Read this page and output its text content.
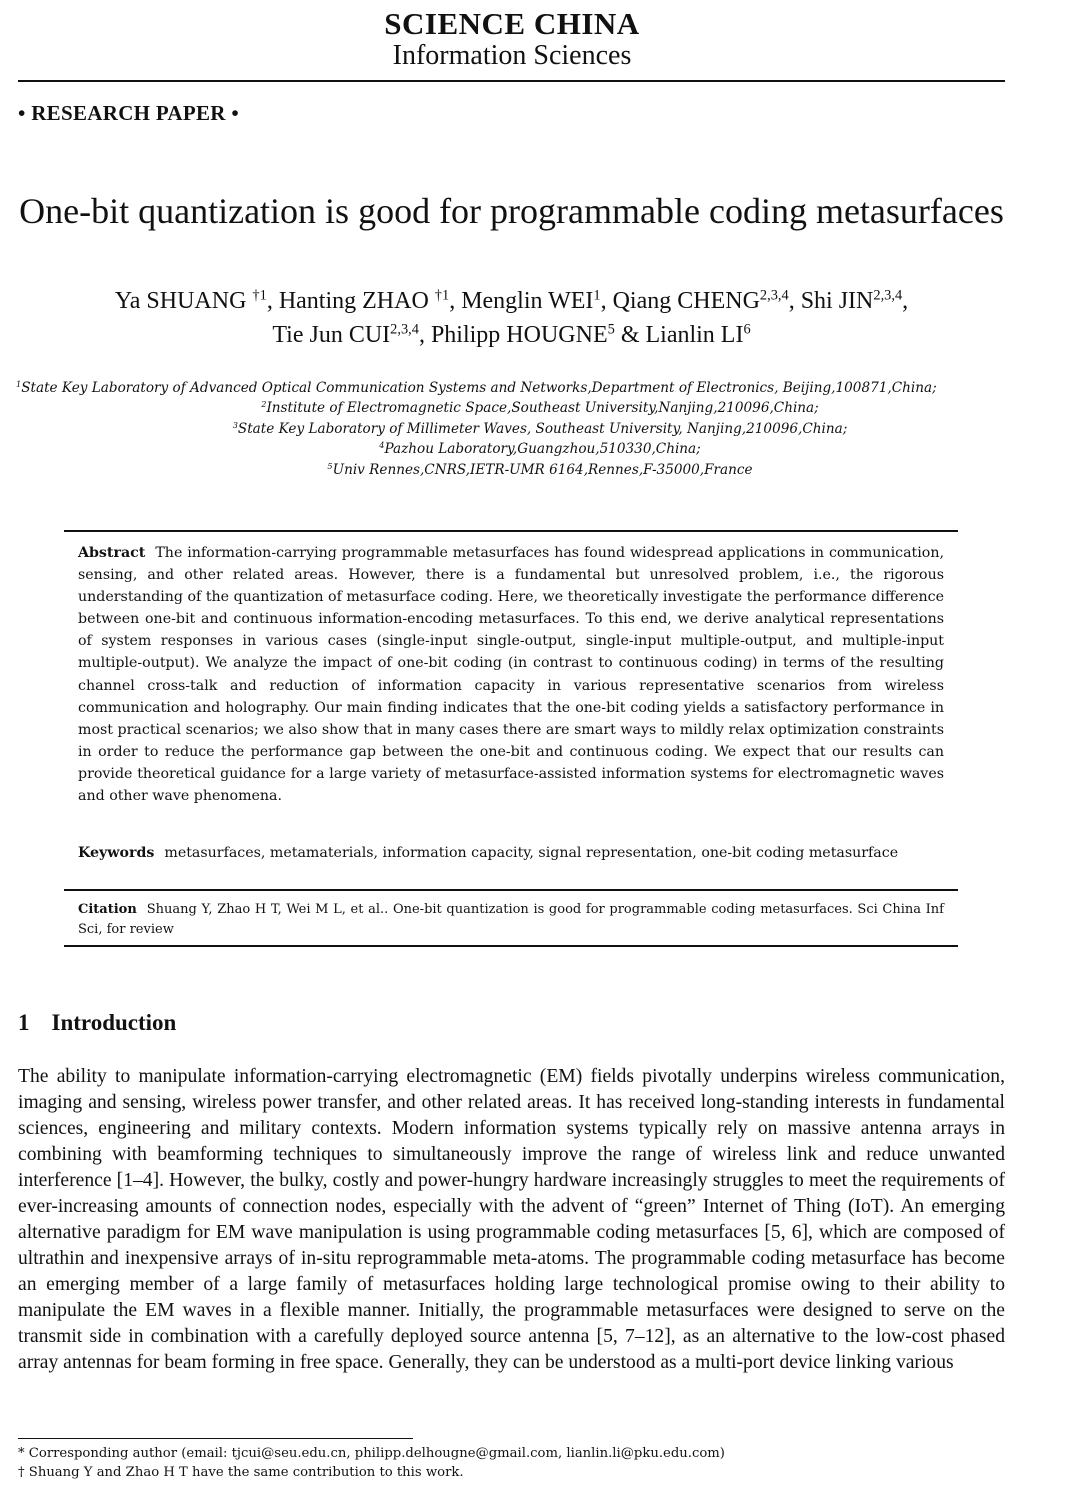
SCIENCE CHINA
Information Sciences
• RESEARCH PAPER •
One-bit quantization is good for programmable coding metasurfaces
Ya SHUANG $^{\dagger 1}$, Hanting ZHAO $^{\dagger 1}$, Menglin WEI$^1$, Qiang CHENG$^{2,3,4}$, Shi JIN$^{2,3,4}$,
Tie Jun CUI$^{2,3,4}$, Philipp HOUGNE$^5$ & Lianlin $LI^6$
$^1$State Key Laboratory of Advanced Optical Communication Systems and Networks,Department of Electronics, Beijing,100871,China;
$^2$Institute of Electromagnetic Space,Southeast University,Nanjing,210096,China;
$^3$State Key Laboratory of Millimeter Waves, Southeast University, Nanjing,210096,China;
$^4$Pazhou Laboratory,Guangzhou,510330,China;
$^5$Univ Rennes,CNRS,IETR-UMR 6164,Rennes,F-35000,France
Abstract The information-carrying programmable metasurfaces has found widespread applications in communication, sensing, and other related areas. However, there is a fundamental but unresolved problem, i.e., the rigorous understanding of the quantization of metasurface coding. Here, we theoretically investigate the performance difference between one-bit and continuous information-encoding metasurfaces. To this end, we derive analytical representations of system responses in various cases (single-input single-output, single-input multiple-output, and multiple-input multiple-output). We analyze the impact of one-bit coding (in contrast to continuous coding) in terms of the resulting channel cross-talk and reduction of information capacity in various representative scenarios from wireless communication and holography. Our main finding indicates that the one-bit coding yields a satisfactory performance in most practical scenarios; we also show that in many cases there are smart ways to mildly relax optimization constraints in order to reduce the performance gap between the one-bit and continuous coding. We expect that our results can provide theoretical guidance for a large variety of metasurface-assisted information systems for electromagnetic waves and other wave phenomena.
Keywords metasurfaces, metamaterials, information capacity, signal representation, one-bit coding metasurface
Citation Shuang Y, Zhao H T, Wei M L, et al.. One-bit quantization is good for programmable coding metasurfaces. Sci China Inf Sci, for review
1 Introduction
The ability to manipulate information-carrying electromagnetic (EM) fields pivotally underpins wireless communication, imaging and sensing, wireless power transfer, and other related areas. It has received long-standing interests in fundamental sciences, engineering and military contexts. Modern information systems typically rely on massive antenna arrays in combining with beamforming techniques to simultaneously improve the range of wireless link and reduce unwanted interference [1–4]. However, the bulky, costly and power-hungry hardware increasingly struggles to meet the requirements of ever-increasing amounts of connection nodes, especially with the advent of “green” Internet of Thing (IoT). An emerging alternative paradigm for EM wave manipulation is using programmable coding metasurfaces [5, 6], which are composed of ultrathin and inexpensive arrays of in-situ reprogrammable meta-atoms. The programmable coding metasurface has become an emerging member of a large family of metasurfaces holding large technological promise owing to their ability to manipulate the EM waves in a flexible manner. Initially, the programmable metasurfaces were designed to serve on the transmit side in combination with a carefully deployed source antenna [5, 7–12], as an alternative to the low-cost phased array antennas for beam forming in free space. Generally, they can be understood as a multi-port device linking various
* Corresponding author (email: tjcui@seu.edu.cn, philipp.delhougne@gmail.com, lianlin.li@pku.edu.com)
† Shuang Y and Zhao H T have the same contribution to this work.
